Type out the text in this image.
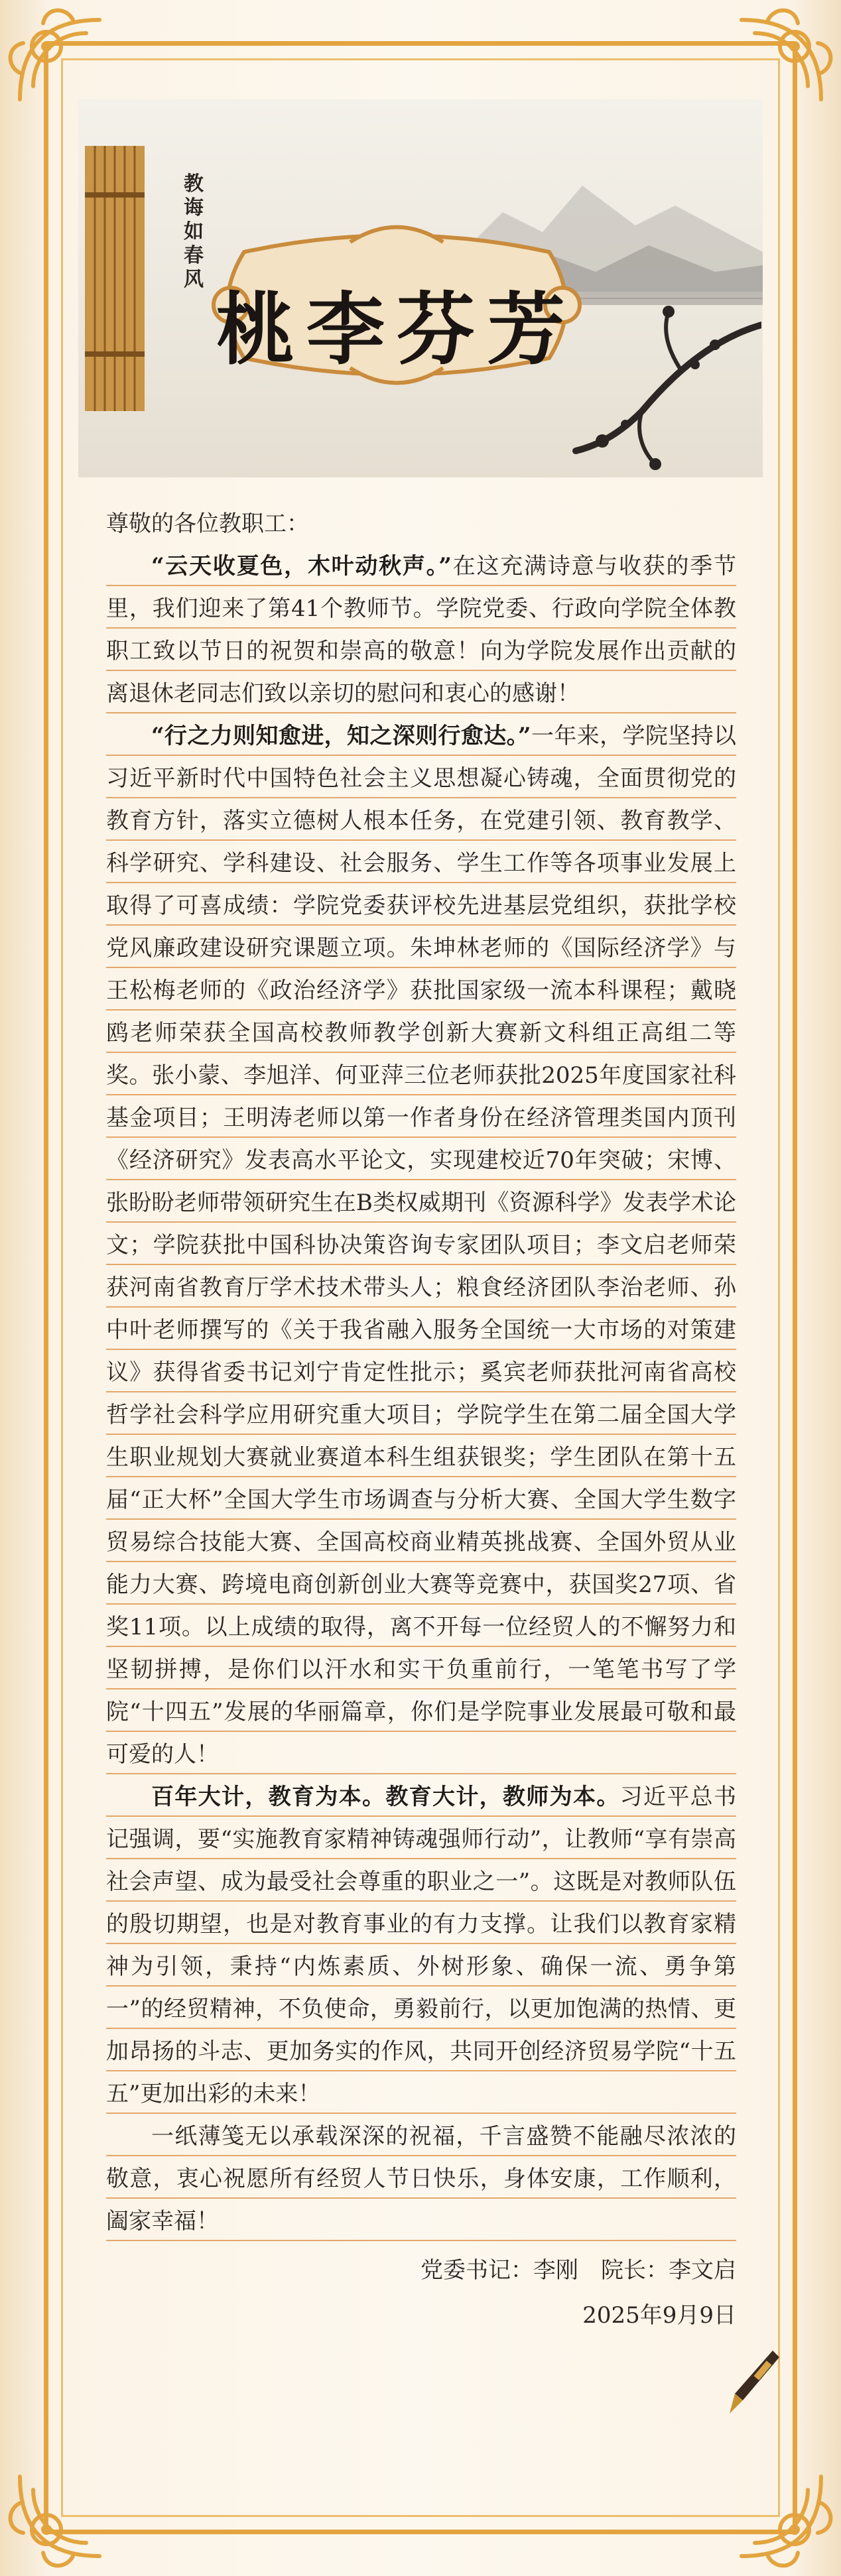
教
诲
如
春
风
桃李芬芳

尊敬的各位教职工：

“云天收夏色，木叶动秋声。”在这充满诗意与收获的季节里，我们迎来了第41个教师节。学院党委、行政向学院全体教职工致以节日的祝贺和崇高的敬意！向为学院发展作出贡献的离退休老同志们致以亲切的慰问和衷心的感谢！

“行之力则知愈进，知之深则行愈达。”一年来，学院坚持以习近平新时代中国特色社会主义思想凝心铸魂，全面贯彻党的教育方针，落实立德树人根本任务，在党建引领、教育教学、科学研究、学科建设、社会服务、学生工作等各项事业发展上取得了可喜成绩：学院党委获评校先进基层党组织，获批学校党风廉政建设研究课题立项。朱坤林老师的《国际经济学》与王松梅老师的《政治经济学》获批国家级一流本科课程；戴晓鸥老师荣获全国高校教师教学创新大赛新文科组正高组二等奖。张小蒙、李旭洋、何亚萍三位老师获批2025年度国家社科基金项目；王明涛老师以第一作者身份在经济管理类国内顶刊《经济研究》发表高水平论文，实现建校近70年突破；宋博、张盼盼老师带领研究生在B类权威期刊《资源科学》发表学术论文；学院获批中国科协决策咨询专家团队项目；李文启老师荣获河南省教育厅学术技术带头人；粮食经济团队李治老师、孙中叶老师撰写的《关于我省融入服务全国统一大市场的对策建议》获得省委书记刘宁肯定性批示；奚宾老师获批河南省高校哲学社会科学应用研究重大项目；学院学生在第二届全国大学生职业规划大赛就业赛道本科生组获银奖；学生团队在第十五届“正大杯”全国大学生市场调查与分析大赛、全国大学生数字贸易综合技能大赛、全国高校商业精英挑战赛、全国外贸从业能力大赛、跨境电商创新创业大赛等竞赛中，获国奖27项、省奖11项。以上成绩的取得，离不开每一位经贸人的不懈努力和坚韧拼搏，是你们以汗水和实干负重前行，一笔笔书写了学院“十四五”发展的华丽篇章，你们是学院事业发展最可敬和最可爱的人！

百年大计，教育为本。教育大计，教师为本。习近平总书记强调，要“实施教育家精神铸魂强师行动”，让教师“享有崇高社会声望、成为最受社会尊重的职业之一”。这既是对教师队伍的殷切期望，也是对教育事业的有力支撑。让我们以教育家精神为引领，秉持“内炼素质、外树形象、确保一流、勇争第一”的经贸精神，不负使命，勇毅前行，以更加饱满的热情、更加昂扬的斗志、更加务实的作风，共同开创经济贸易学院“十五五”更加出彩的未来！

一纸薄笺无以承载深深的祝福，千言盛赞不能融尽浓浓的敬意，衷心祝愿所有经贸人节日快乐，身体安康，工作顺利，阖家幸福！

党委书记：李刚　院长：李文启

2025年9月9日
